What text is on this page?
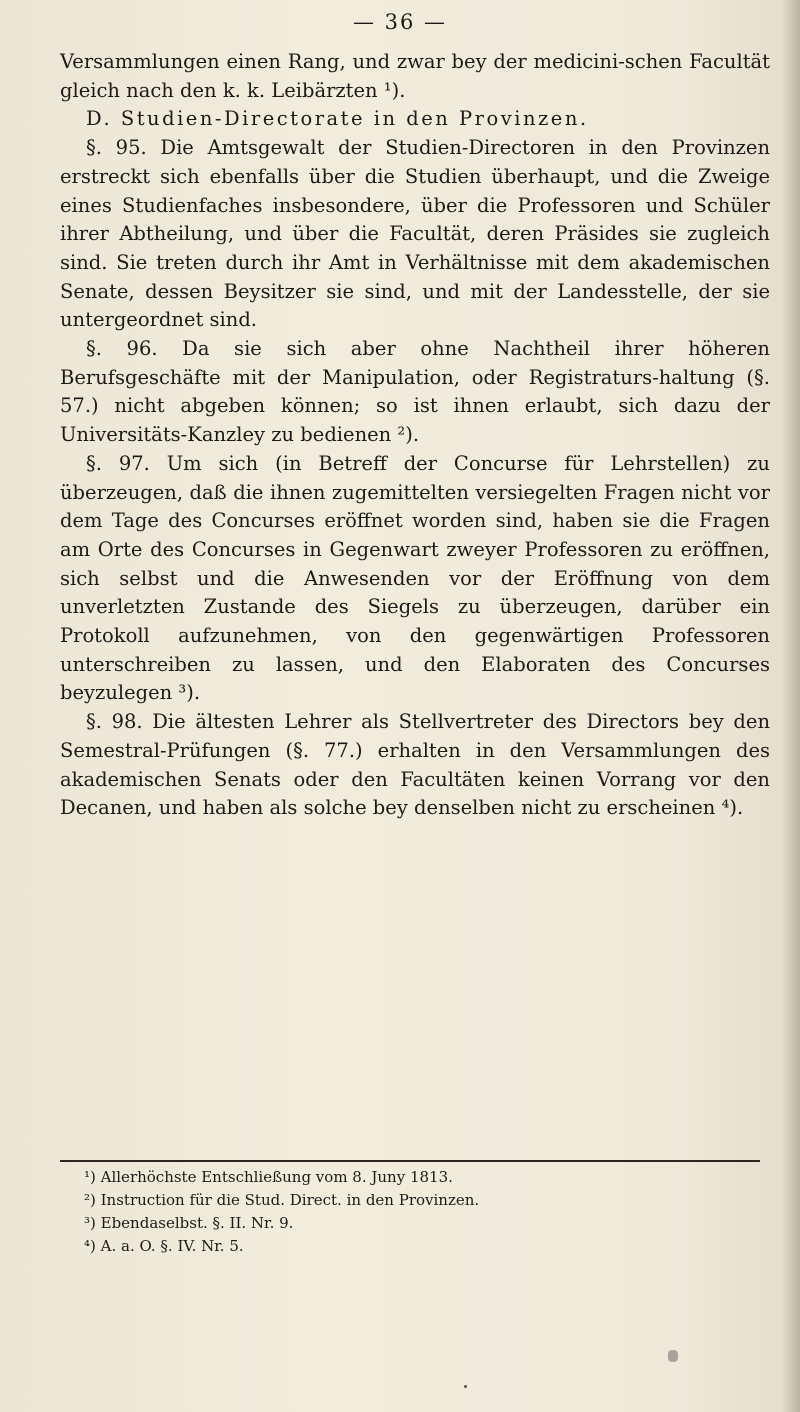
— 36 —

Versammlungen einen Rang, und zwar bey der medicini-schen Facultät gleich nach den k. k. Leibärzten ¹).

D. Studien-Directorate in den Provinzen.

§. 95. Die Amtsgewalt der Studien-Directoren in den Provinzen erstreckt sich ebenfalls über die Studien überhaupt, und die Zweige eines Studienfaches insbesondere, über die Professoren und Schüler ihrer Abtheilung, und über die Facultät, deren Präsides sie zugleich sind. Sie treten durch ihr Amt in Verhältnisse mit dem akademischen Senate, dessen Beysitzer sie sind, und mit der Landesstelle, der sie untergeordnet sind.

§. 96. Da sie sich aber ohne Nachtheil ihrer höheren Berufsgeschäfte mit der Manipulation, oder Registraturs-haltung (§. 57.) nicht abgeben können; so ist ihnen erlaubt, sich dazu der Universitäts-Kanzley zu bedienen ²).

§. 97. Um sich (in Betreff der Concurse für Lehrstellen) zu überzeugen, daß die ihnen zugemittelten versiegelten Fragen nicht vor dem Tage des Concurses eröffnet worden sind, haben sie die Fragen am Orte des Concurses in Gegenwart zweyer Professoren zu eröffnen, sich selbst und die Anwesenden vor der Eröffnung von dem unverletzten Zustande des Siegels zu überzeugen, darüber ein Protokoll aufzunehmen, von den gegenwärtigen Professoren unterschreiben zu lassen, und den Elaboraten des Concurses beyzulegen ³).

§. 98. Die ältesten Lehrer als Stellvertreter des Directors bey den Semestral-Prüfungen (§. 77.) erhalten in den Versammlungen des akademischen Senats oder den Facultäten keinen Vorrang vor den Decanen, und haben als solche bey denselben nicht zu erscheinen ⁴).

¹) Allerhöchste Entschließung vom 8. Juny 1813.
²) Instruction für die Stud. Direct. in den Provinzen.
³) Ebendaselbst. §. II. Nr. 9.
⁴) A. a. O. §. IV. Nr. 5.
